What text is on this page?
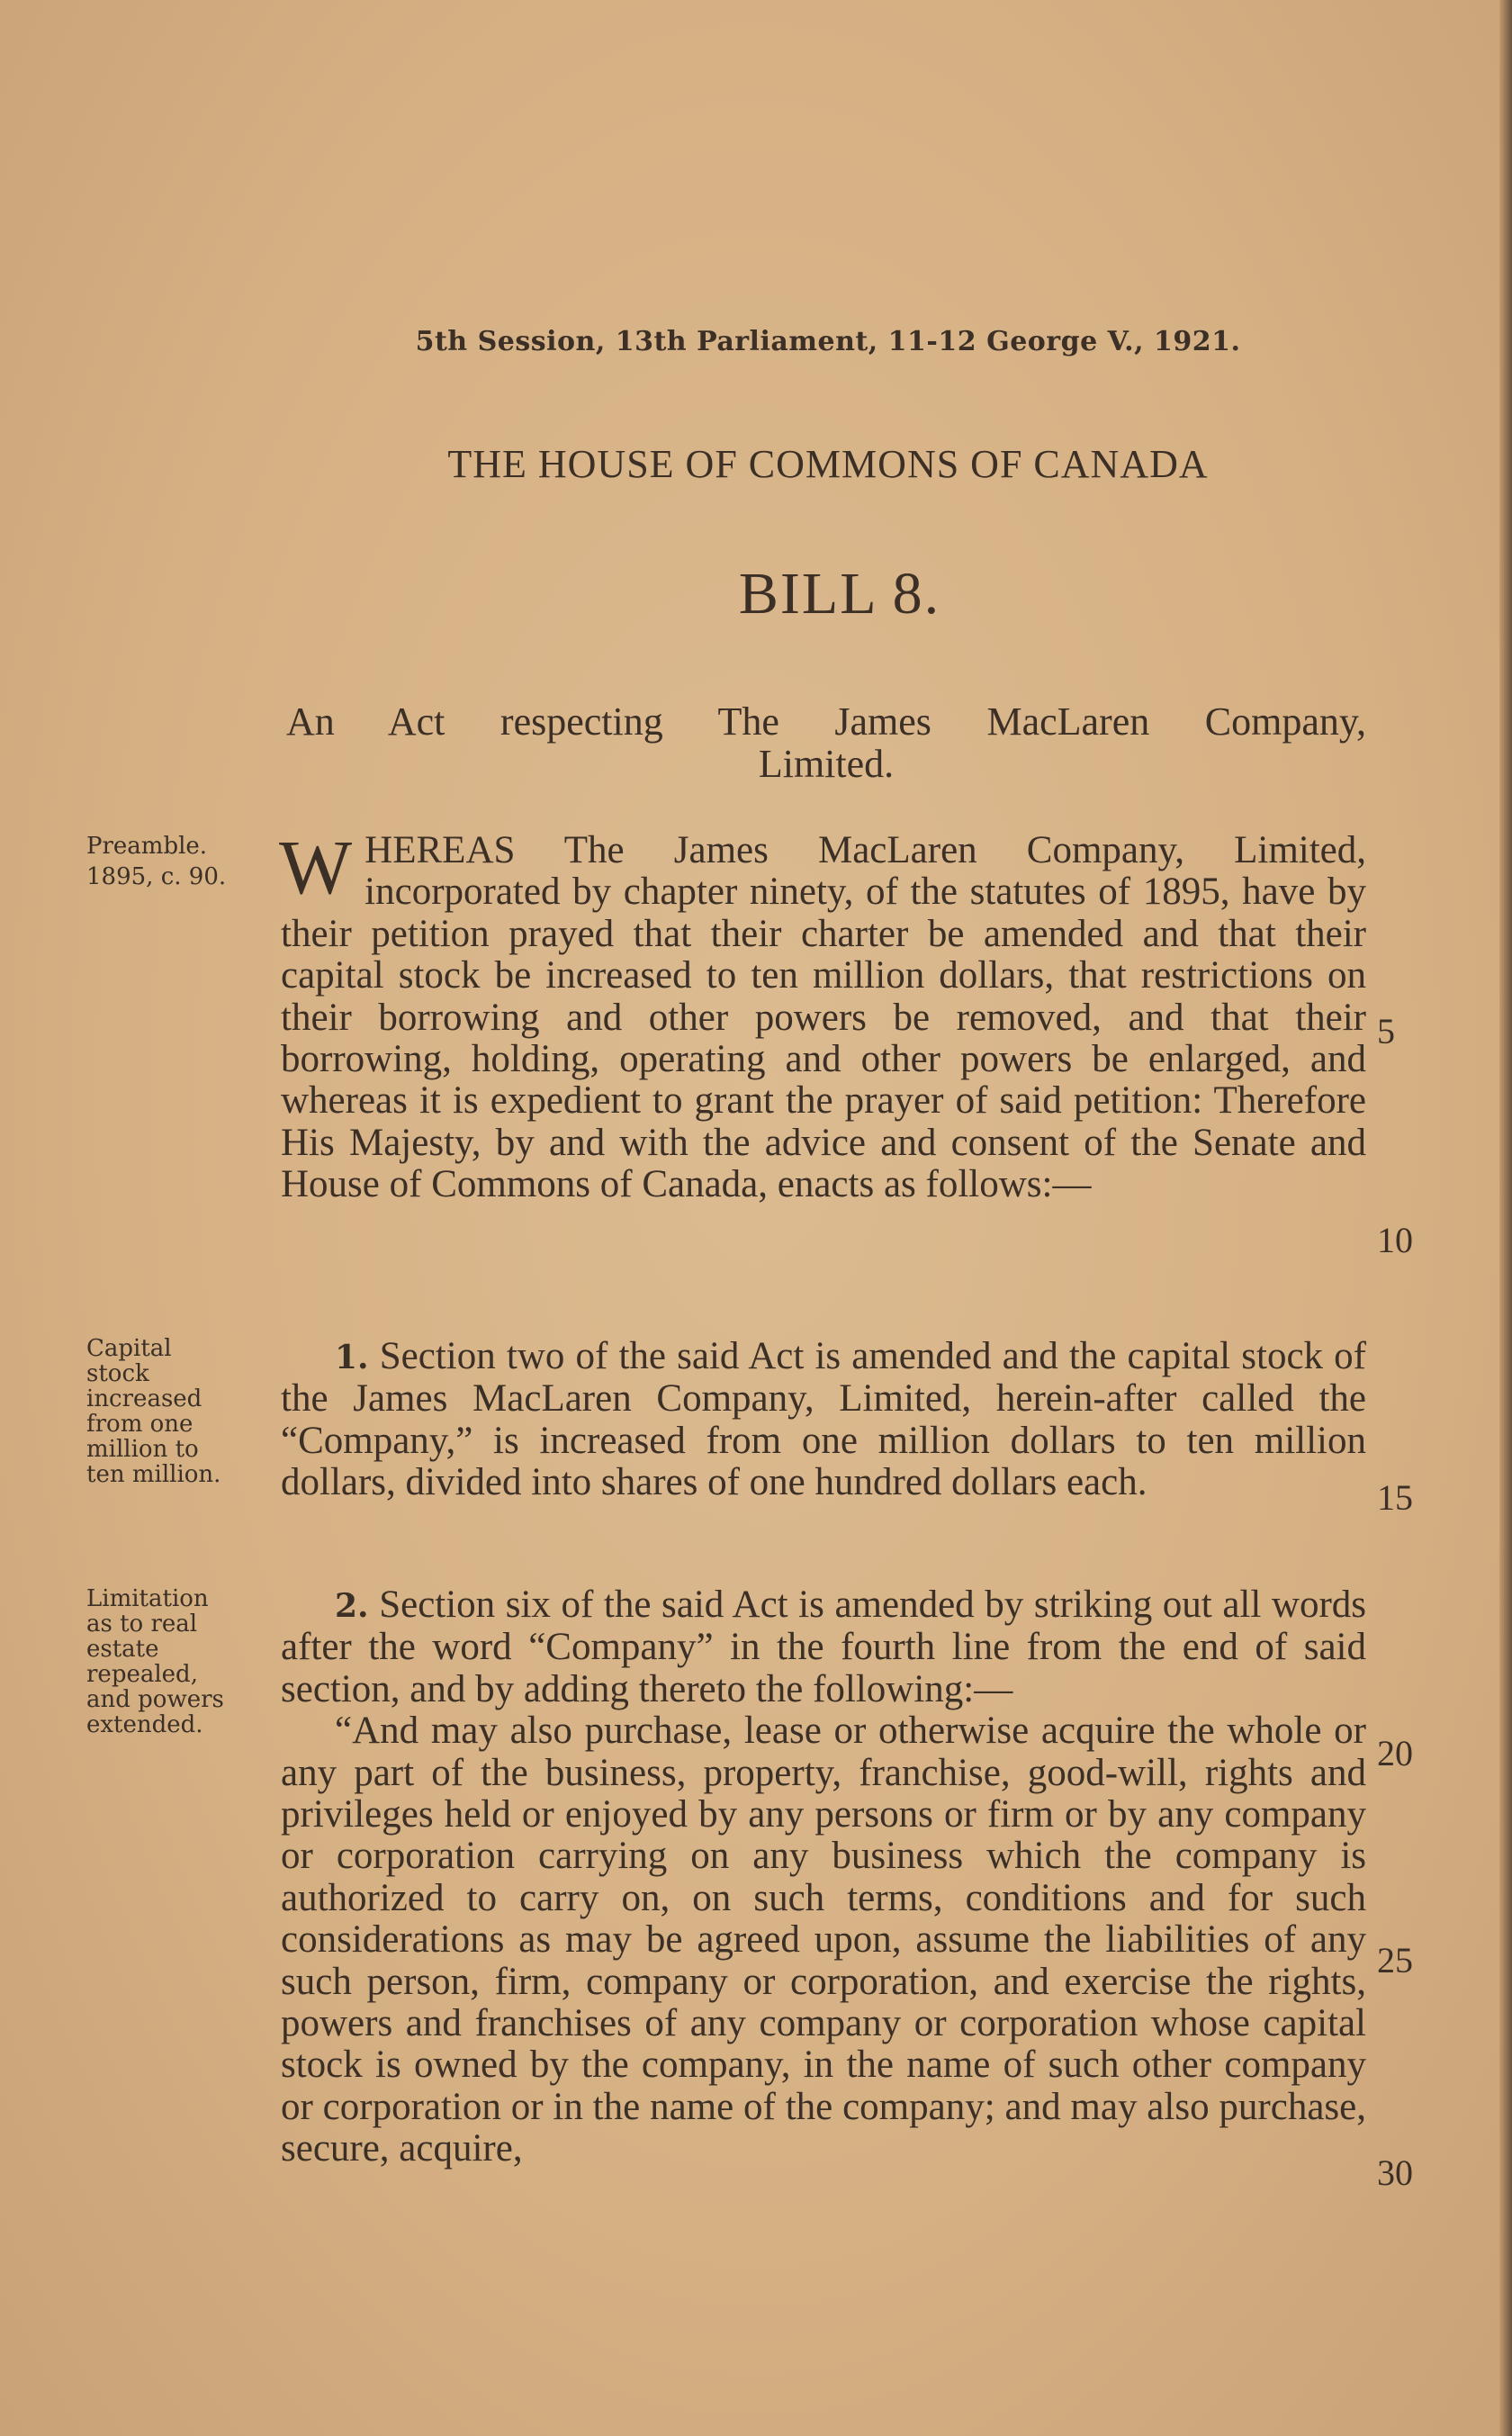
5th Session, 13th Parliament, 11-12 George V., 1921.
THE HOUSE OF COMMONS OF CANADA
BILL 8.
An Act respecting The James MacLaren Company,
Limited.
Preamble.
1895, c. 90.
Capital stock increased from one million to ten million.
Limitation as to real estate repealed, and powers extended.

WHEREAS The James MacLaren Company, Limited, incorporated by chapter ninety, of the statutes of 1895, have by their petition prayed that their charter be amended and that their capital stock be increased to ten million dollars, that restrictions on their borrowing and other powers be removed, and that their borrowing, holding, operating and other powers be enlarged, and whereas it is expedient to grant the prayer of said petition: Therefore His Majesty, by and with the advice and consent of the Senate and House of Commons of Canada, enacts as follows:—

1. Section two of the said Act is amended and the capital stock of the James MacLaren Company, Limited, herein-after called the “Company,” is increased from one million dollars to ten million dollars, divided into shares of one hundred dollars each.

2. Section six of the said Act is amended by striking out all words after the word “Company” in the fourth line from the end of said section, and by adding thereto the following:—

“And may also purchase, lease or otherwise acquire the whole or any part of the business, property, franchise, good-will, rights and privileges held or enjoyed by any persons or firm or by any company or corporation carrying on any business which the company is authorized to carry on, on such terms, conditions and for such considerations as may be agreed upon, assume the liabilities of any such person, firm, company or corporation, and exercise the rights, powers and franchises of any company or corporation whose capital stock is owned by the company, in the name of such other company or corporation or in the name of the company; and may also purchase, secure, acquire,

5
10
15
20
25
30
